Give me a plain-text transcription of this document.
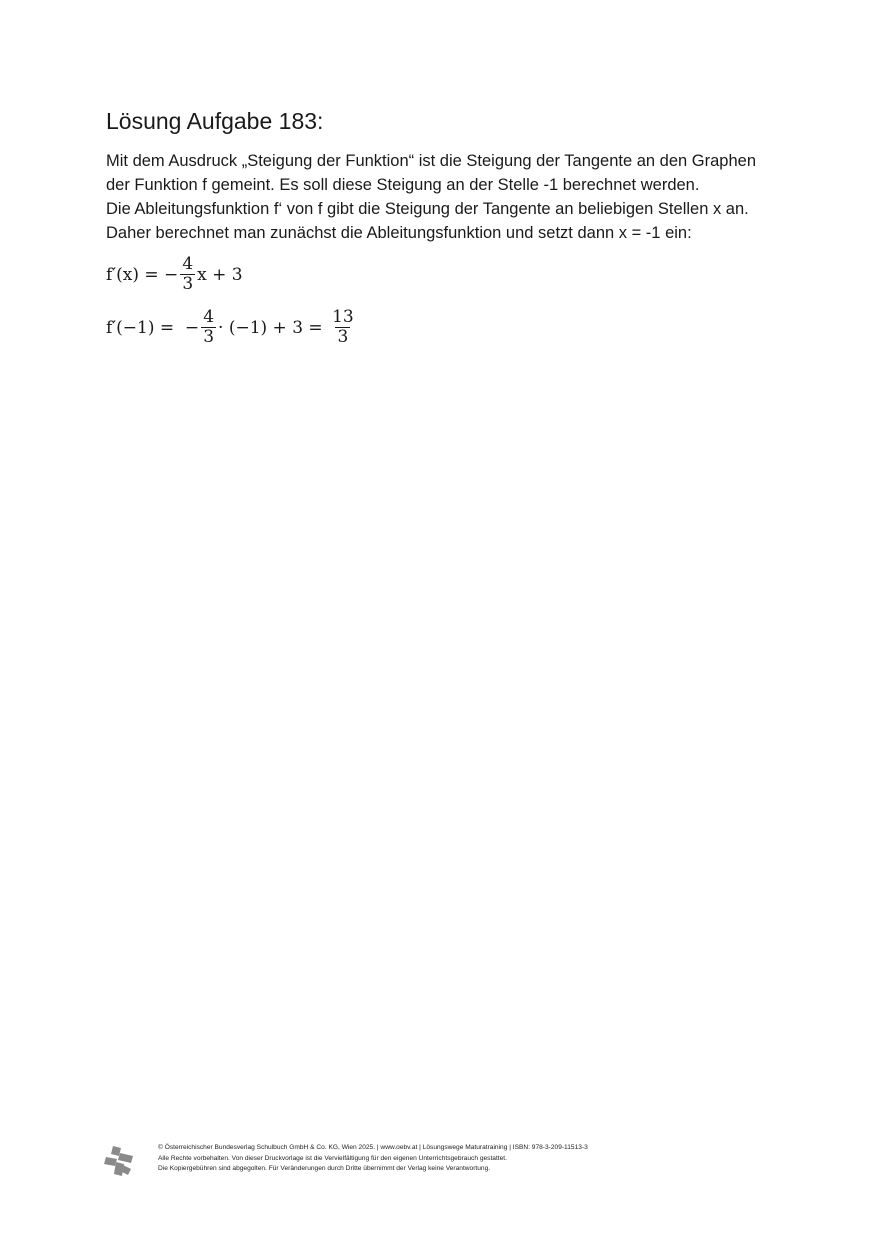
Lösung Aufgabe 183:
Mit dem Ausdruck „Steigung der Funktion“ ist die Steigung der Tangente an den Graphen
der Funktion f gemeint. Es soll diese Steigung an der Stelle -1 berechnet werden.
Die Ableitungsfunktion f‘ von f gibt die Steigung der Tangente an beliebigen Stellen x an.
Daher berechnet man zunächst die Ableitungsfunktion und setzt dann x = -1 ein:
f′(x) = − $\frac{4}{3}$ x + 3
f′(−1) =  − $\frac{4}{3} \cdot (-1) + 3 = \frac{13}{3}$
© Österreichischer Bundesverlag Schulbuch GmbH & Co. KG, Wien 2025. | www.oebv.at | Lösungswege Maturatraining | ISBN: 978-3-209-11513-3
Alle Rechte vorbehalten. Von dieser Druckvorlage ist die Vervielfältigung für den eigenen Unterrichtsgebrauch gestattet.
Die Kopiergebühren sind abgegolten. Für Veränderungen durch Dritte übernimmt der Verlag keine Verantwortung.
